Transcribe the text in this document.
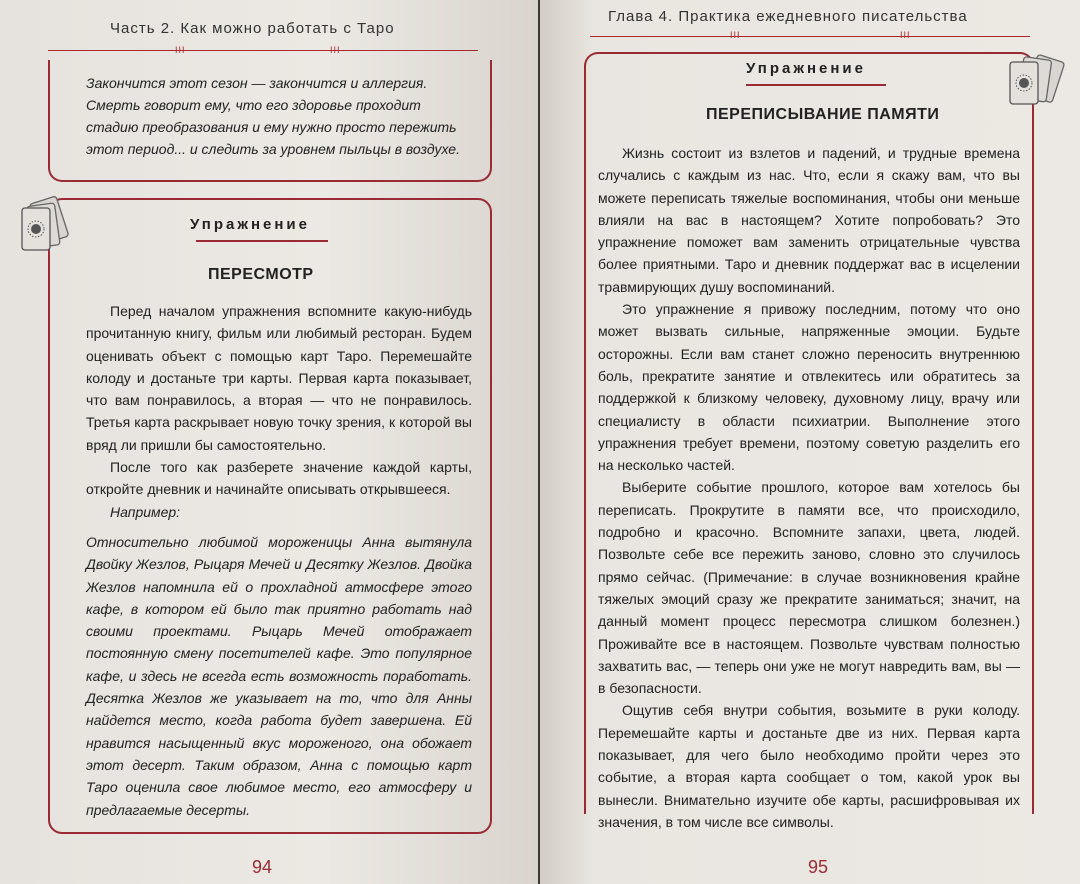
Часть 2. Как можно работать с Таро
III	III
Закончится этот сезон — закончится и аллергия. Смерть говорит ему, что его здоровье проходит стадию преобразования и ему нужно просто пережить этот период... и следить за уровнем пыльцы в воздухе.
Упражнение
ПЕРЕСМОТР

Перед началом упражнения вспомните какую-нибудь прочитанную книгу, фильм или любимый ресторан. Будем оценивать объект с помощью карт Таро. Перемешайте колоду и достаньте три карты. Первая карта показывает, что вам понравилось, а вторая — что не понравилось. Третья карта раскрывает новую точку зрения, к которой вы вряд ли пришли бы самостоятельно.

После того как разберете значение каждой карты, откройте дневник и начинайте описывать открывшееся.

Например:

Относительно любимой мороженицы Анна вытянула Двойку Жезлов, Рыцаря Мечей и Десятку Жезлов. Двойка Жезлов напомнила ей о прохладной атмосфере этого кафе, в котором ей было так приятно работать над своими проектами. Рыцарь Мечей отображает постоянную смену посетителей кафе. Это популярное кафе, и здесь не всегда есть возможность поработать. Десятка Жезлов же указывает на то, что для Анны найдется место, когда работа будет завершена. Ей нравится насыщенный вкус мороженого, она обожает этот десерт. Таким образом, Анна с помощью карт Таро оценила свое любимое место, его атмосферу и предлагаемые десерты.

94
Глава 4. Практика ежедневного писательства
III	III
Упражнение
ПЕРЕПИСЫВАНИЕ ПАМЯТИ

Жизнь состоит из взлетов и падений, и трудные времена случались с каждым из нас. Что, если я скажу вам, что вы можете переписать тяжелые воспоминания, чтобы они меньше влияли на вас в настоящем? Хотите попробовать? Это упражнение поможет вам заменить отрицательные чувства более приятными. Таро и дневник поддержат вас в исцелении травмирующих душу воспоминаний.

Это упражнение я привожу последним, потому что оно может вызвать сильные, напряженные эмоции. Будьте осторожны. Если вам станет сложно переносить внутреннюю боль, прекратите занятие и отвлекитесь или обратитесь за поддержкой к близкому человеку, духовному лицу, врачу или специалисту в области психиатрии. Выполнение этого упражнения требует времени, поэтому советую разделить его на несколько частей.

Выберите событие прошлого, которое вам хотелось бы переписать. Прокрутите в памяти все, что происходило, подробно и красочно. Вспомните запахи, цвета, людей. Позвольте себе все пережить заново, словно это случилось прямо сейчас. (Примечание: в случае возникновения крайне тяжелых эмоций сразу же прекратите заниматься; значит, на данный момент процесс пересмотра слишком болезнен.) Проживайте все в настоящем. Позвольте чувствам полностью захватить вас, — теперь они уже не могут навредить вам, вы — в безопасности.

Ощутив себя внутри события, возьмите в руки колоду. Перемешайте карты и достаньте две из них. Первая карта показывает, для чего было необходимо пройти через это событие, а вторая карта сообщает о том, какой урок вы вынесли. Внимательно изучите обе карты, расшифровывая их значения, в том числе все символы.

95
